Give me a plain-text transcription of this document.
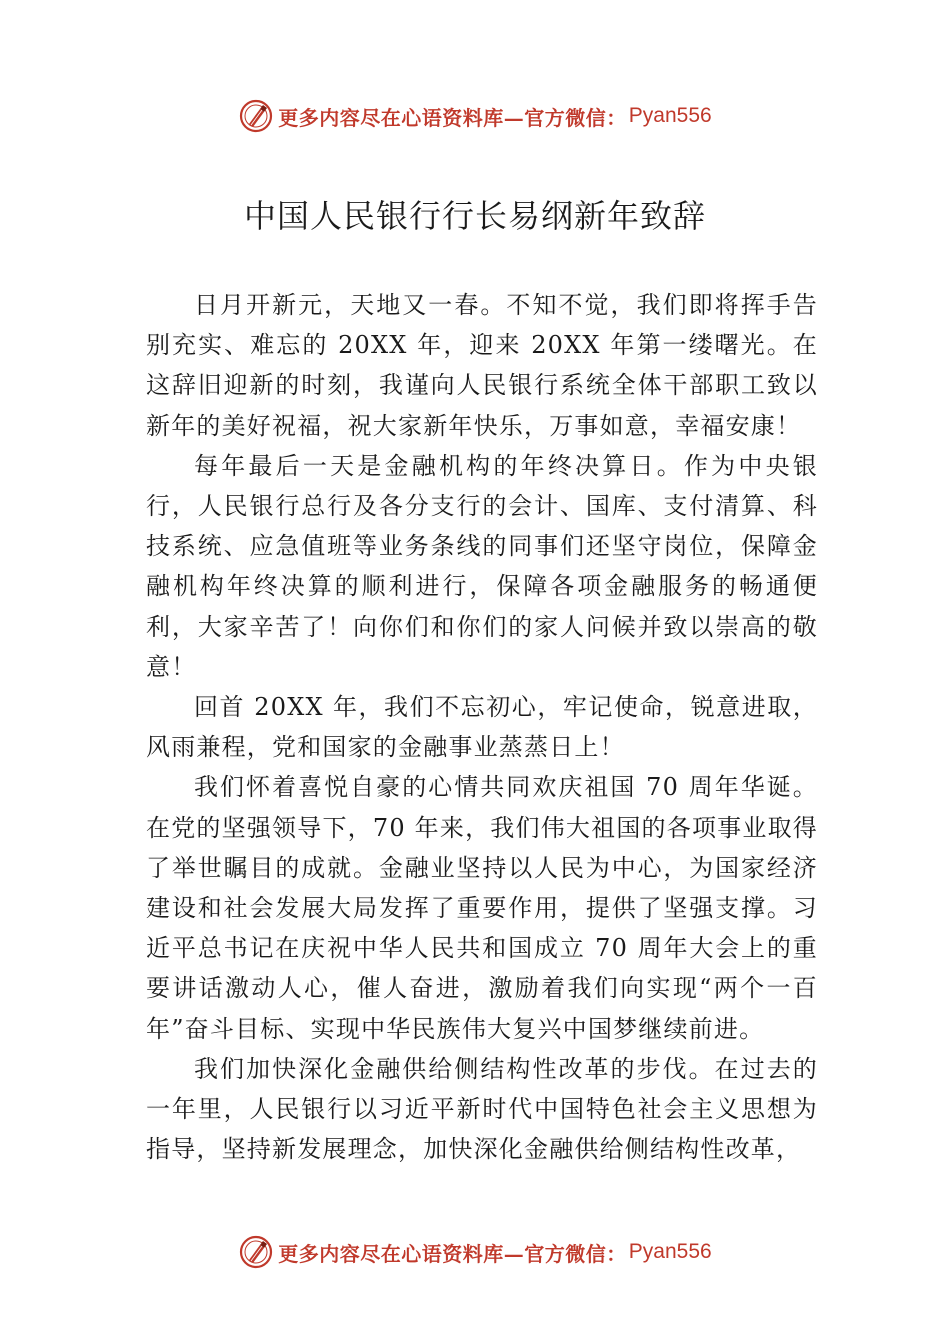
更多内容尽在心语资料库—官方微信： Pyan556
中国人民银行行长易纲新年致辞

日月开新元，天地又一春。不知不觉，我们即将挥手告别充实、难忘的 20XX 年，迎来 20XX 年第一缕曙光。在这辞旧迎新的时刻，我谨向人民银行系统全体干部职工致以新年的美好祝福，祝大家新年快乐，万事如意，幸福安康！

每年最后一天是金融机构的年终决算日。作为中央银行，人民银行总行及各分支行的会计、国库、支付清算、科技系统、应急值班等业务条线的同事们还坚守岗位，保障金融机构年终决算的顺利进行，保障各项金融服务的畅通便利，大家辛苦了！向你们和你们的家人问候并致以崇高的敬意！

回首 20XX 年，我们不忘初心，牢记使命，锐意进取，风雨兼程，党和国家的金融事业蒸蒸日上！

我们怀着喜悦自豪的心情共同欢庆祖国 70 周年华诞。在党的坚强领导下，70 年来，我们伟大祖国的各项事业取得了举世瞩目的成就。金融业坚持以人民为中心，为国家经济建设和社会发展大局发挥了重要作用，提供了坚强支撑。习近平总书记在庆祝中华人民共和国成立 70 周年大会上的重要讲话激动人心，催人奋进，激励着我们向实现“两个一百年”奋斗目标、实现中华民族伟大复兴中国梦继续前进。

我们加快深化金融供给侧结构性改革的步伐。在过去的一年里，人民银行以习近平新时代中国特色社会主义思想为指导，坚持新发展理念，加快深化金融供给侧结构性改革，

更多内容尽在心语资料库—官方微信： Pyan556
